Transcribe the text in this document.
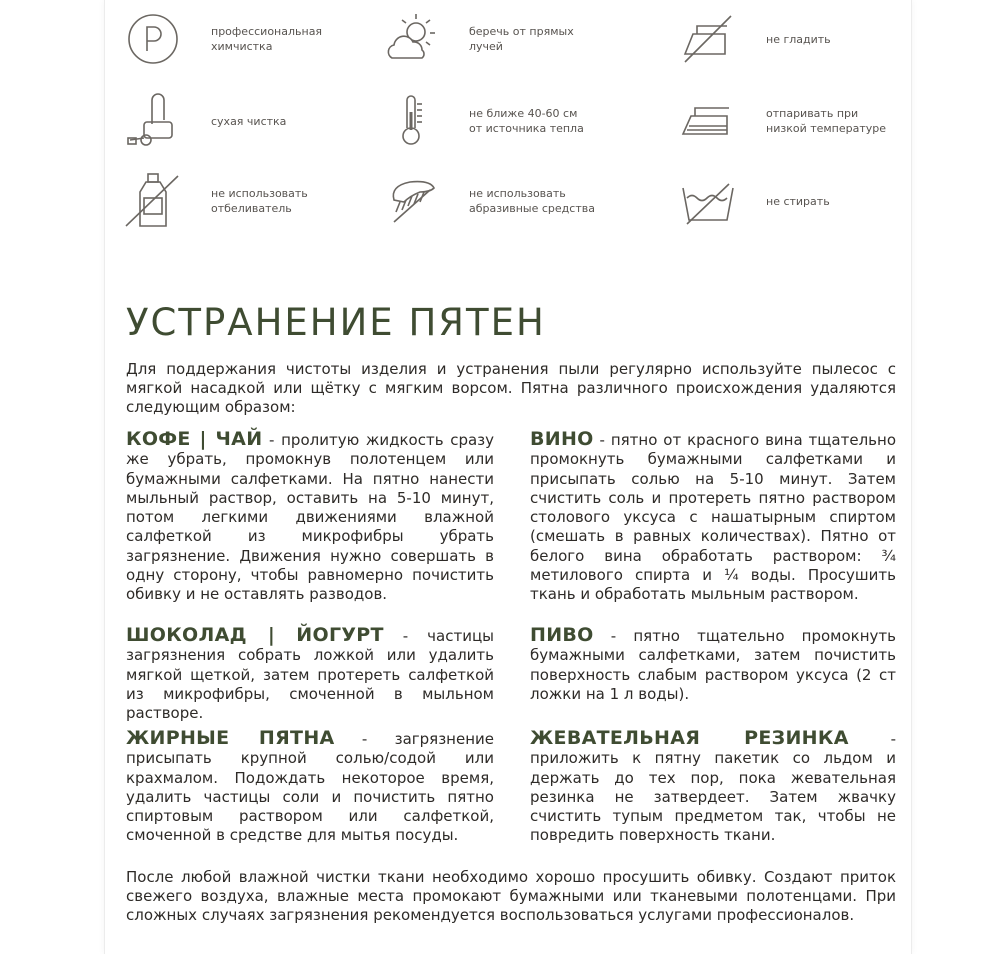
профессиональная
химчистка
беречь от прямых
лучей
не гладить
сухая чистка
не ближе 40-60 см
от источника тепла
отпаривать при
низкой температуре
не использовать
отбеливатель
не использовать
абразивные средства
не стирать
УСТРАНЕНИЕ ПЯТЕН

Для поддержания чистоты изделия и устранения пыли регулярно используйте пылесос с мягкой насадкой или щётку с мягким ворсом. Пятна различного происхождения удаляются следующим образом:

КОФЕ | ЧАЙ - пролитую жидкость сразу же убрать, промокнув полотенцем или бумажными салфетками. На пятно нанести мыльный раствор, оставить на 5-10 минут, потом легкими движениями влажной салфеткой из микрофибры убрать загрязнение. Движения нужно совершать в одну сторону, чтобы равномерно почистить обивку и не оставлять разводов.

ШОКОЛАД | ЙОГУРТ - частицы загрязнения собрать ложкой или удалить мягкой щеткой, затем протереть салфеткой из микрофибры, смоченной в мыльном растворе.

ЖИРНЫЕ ПЯТНА - загрязнение присыпать крупной солью/содой или крахмалом. Подождать некоторое время, удалить частицы соли и почистить пятно спиртовым раствором или салфеткой, смоченной в средстве для мытья посуды.

ВИНО - пятно от красного вина тщательно промокнуть бумажными салфетками и присыпать солью на 5-10 минут. Затем счистить соль и протереть пятно раствором столового уксуса с нашатырным спиртом (смешать в равных количествах). Пятно от белого вина обработать раствором: ¾ метилового спирта и ¼ воды. Просушить ткань и обработать мыльным раствором.

ПИВО - пятно тщательно промокнуть бумажными салфетками, затем почистить поверхность слабым раствором уксуса (2 ст ложки на 1 л воды).

ЖЕВАТЕЛЬНАЯ РЕЗИНКА - приложить к пятну пакетик со льдом и держать до тех пор, пока жевательная резинка не затвердеет. Затем жвачку счистить тупым предметом так, чтобы не повредить поверхность ткани.

После любой влажной чистки ткани необходимо хорошо просушить обивку. Создают приток свежего воздуха, влажные места промокают бумажными или тканевыми полотенцами. При сложных случаях загрязнения рекомендуется воспользоваться услугами профессионалов.
